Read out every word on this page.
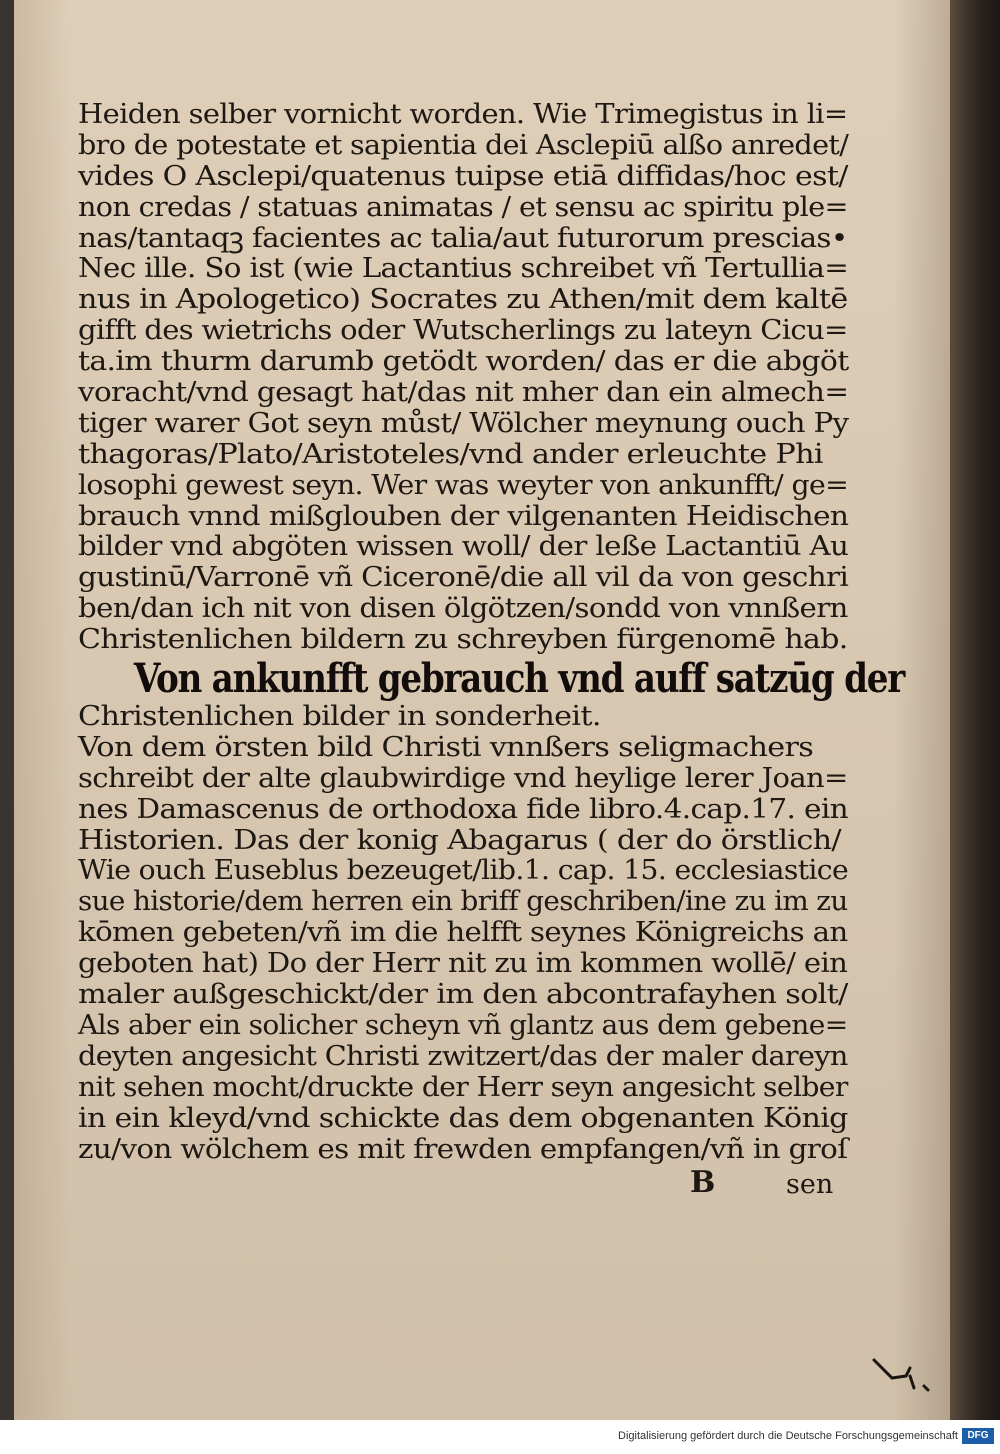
Heiden selber vornicht worden. Wie Trimegistus in li=
bro de potestate et sapientia dei Asclepiū alßo anredet/
vides O Asclepi/quatenus tuipse etiā diffidas/hoc est/
non credas / statuas animatas / et sensu ac spiritu ple=
nas/tantaqꝫ facientes ac talia/aut futurorum prescias•
Nec ille. So ist (wie Lactantius schreibet vñ Tertullia=
nus in Apologetico) Socrates zu Athen/mit dem kaltē
gifft des wietrichs oder Wutscherlings zu lateyn Cicu=
ta.im thurm darumb getödt worden/ das er die abgöt
voracht/vnd gesagt hat/das nit mher dan ein almech=
tiger warer Got seyn můst/ Wölcher meynung ouch Py
thagoras/Plato/Aristoteles/vnd ander erleuchte Phi
losophi gewest seyn. Wer was weyter von ankunfft/ ge=
brauch vnnd mißglouben der vilgenanten Heidischen
bilder vnd abgöten wissen woll/ der leße Lactantiū Au
gustinū/Varronē vñ Ciceronē/die all vil da von geschri
ben/dan ich nit von disen ölgötzen/sondd von vnnßern
Christenlichen bildern zu schreyben fürgenomē hab.
Von ankunfft gebrauch vnd auff satzūg der
Christenlichen bilder in sonderheit.
Von dem örsten bild Christi vnnßers seligmachers
schreibt der alte glaubwirdige vnd heylige lerer Joan=
nes Damascenus de orthodoxa fide libro.4.cap.17. ein
Historien. Das der konig Abagarus ( der do örstlich/
Wie ouch Euseblus bezeuget/lib.1. cap. 15. ecclesiastice
sue historie/dem herren ein briff geschriben/ine zu im zu
kōmen gebeten/vñ im die helfft seynes Königreichs an
geboten hat) Do der Herr nit zu im kommen wollē/ ein
maler außgeschickt/der im den abcontrafayhen solt/
Als aber ein solicher scheyn vñ glantz aus dem gebene=
deyten angesicht Christi zwitzert/das der maler dareyn
nit sehen mocht/druckte der Herr seyn angesicht selber
in ein kleyd/vnd schickte das dem obgenanten König
zu/von wölchem es mit frewden empfangen/vñ in groſ
B	sen
Digitalisierung gefördert durch die Deutsche Forschungsgemeinschaft DFG
